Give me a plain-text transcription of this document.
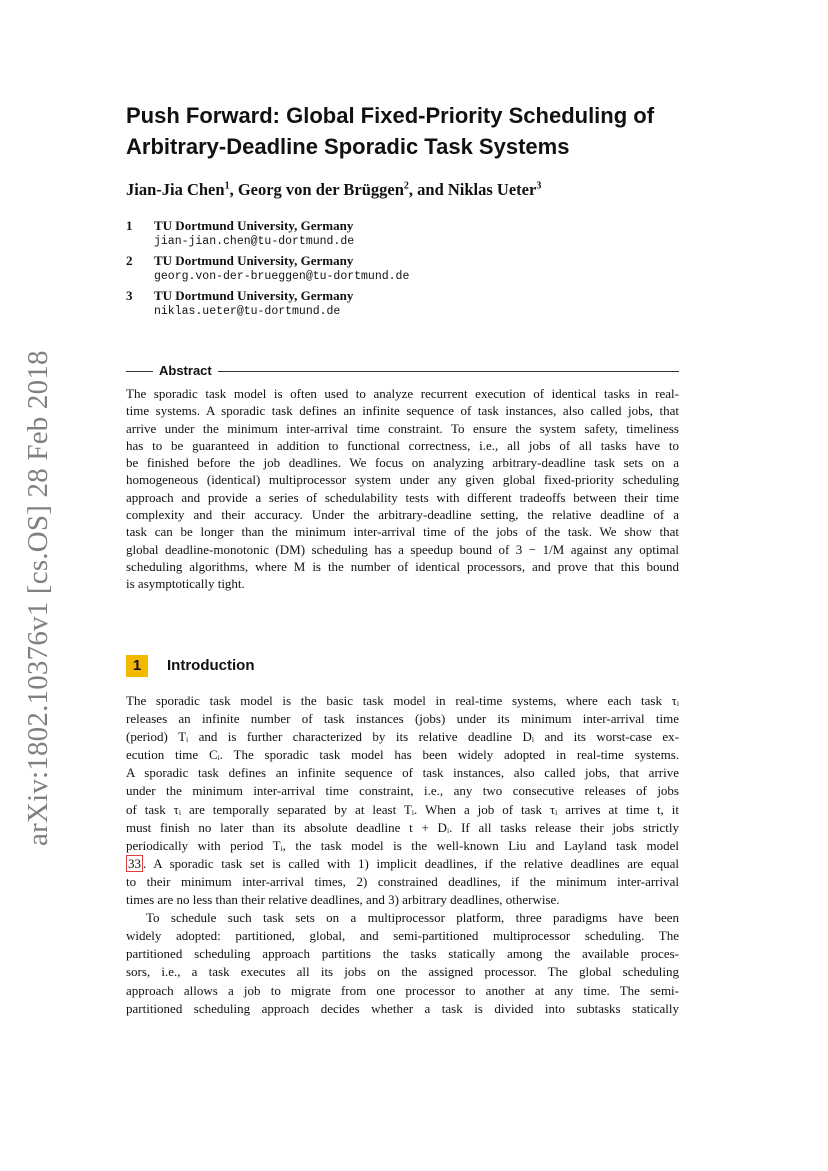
arXiv:1802.10376v1 [cs.OS] 28 Feb 2018
Push Forward: Global Fixed-Priority Scheduling of
Arbitrary-Deadline Sporadic Task Systems
Jian-Jia Chen$^1$, Georg von der Brüggen$^2$, and Niklas Ueter$^3$
1 TU Dortmund University, Germany
jian-jian.chen@tu-dortmund.de
2 TU Dortmund University, Germany
georg.von-der-brueggen@tu-dortmund.de
3 TU Dortmund University, Germany
niklas.ueter@tu-dortmund.de
Abstract
The sporadic task model is often used to analyze recurrent execution of identical tasks in real-
time systems. A sporadic task defines an infinite sequence of task instances, also called jobs, that
arrive under the minimum inter-arrival time constraint. To ensure the system safety, timeliness
has to be guaranteed in addition to functional correctness, i.e., all jobs of all tasks have to
be finished before the job deadlines. We focus on analyzing arbitrary-deadline task sets on a
homogeneous (identical) multiprocessor system under any given global fixed-priority scheduling
approach and provide a series of schedulability tests with different tradeoffs between their time
complexity and their accuracy. Under the arbitrary-deadline setting, the relative deadline of a
task can be longer than the minimum inter-arrival time of the jobs of the task. We show that
global deadline-monotonic (DM) scheduling has a speedup bound of 3 − 1/M against any optimal
scheduling algorithms, where M is the number of identical processors, and prove that this bound
is asymptotically tight.
1	Introduction
The sporadic task model is the basic task model in real-time systems, where each task τᵢ
releases an infinite number of task instances (jobs) under its minimum inter-arrival time
(period) Tᵢ and is further characterized by its relative deadline Dᵢ and its worst-case ex-
ecution time Cᵢ. The sporadic task model has been widely adopted in real-time systems.
A sporadic task defines an infinite sequence of task instances, also called jobs, that arrive
under the minimum inter-arrival time constraint, i.e., any two consecutive releases of jobs
of task τᵢ are temporally separated by at least Tᵢ. When a job of task τᵢ arrives at time t, it
must finish no later than its absolute deadline t + Dᵢ. If all tasks release their jobs strictly
periodically with period Tᵢ, the task model is the well-known Liu and Layland task model
33 . A sporadic task set is called with 1) implicit deadlines, if the relative deadlines are equal
to their minimum inter-arrival times, 2) constrained deadlines, if the minimum inter-arrival
times are no less than their relative deadlines, and 3) arbitrary deadlines, otherwise.
To schedule such task sets on a multiprocessor platform, three paradigms have been
widely adopted: partitioned, global, and semi-partitioned multiprocessor scheduling. The
partitioned scheduling approach partitions the tasks statically among the available proces-
sors, i.e., a task executes all its jobs on the assigned processor. The global scheduling
approach allows a job to migrate from one processor to another at any time. The semi-
partitioned scheduling approach decides whether a task is divided into subtasks statically
